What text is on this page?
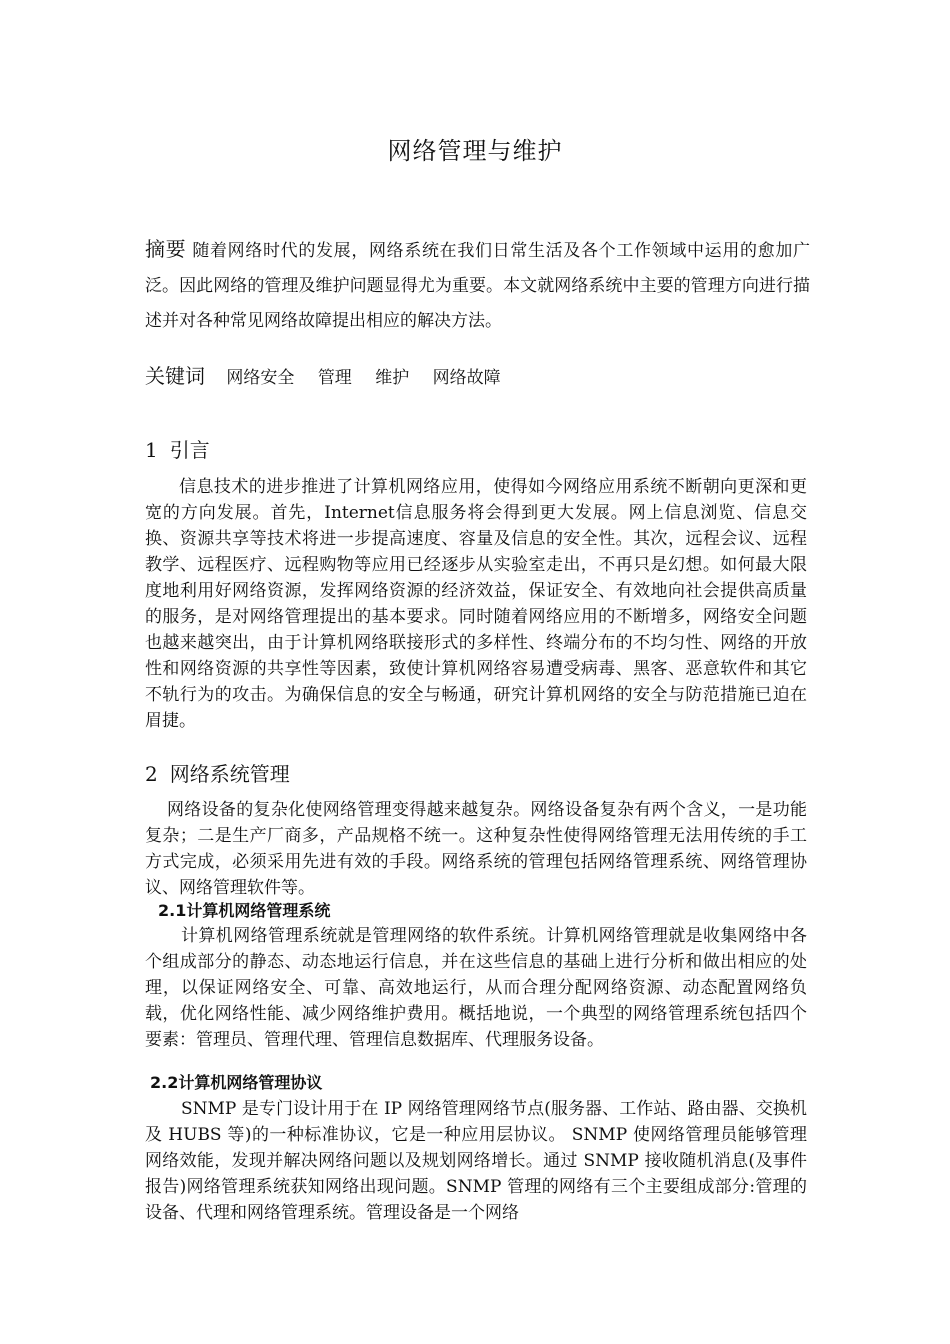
网络管理与维护
摘要 随着网络时代的发展，网络系统在我们日常生活及各个工作领域中运用的愈加广泛。因此网络的管理及维护问题显得尤为重要。本文就网络系统中主要的管理方向进行描述并对各种常见网络故障提出相应的解决方法。
关键词 网络安全 管理 维护 网络故障
1 引言
信息技术的进步推进了计算机网络应用，使得如今网络应用系统不断朝向更深和更宽的方向发展。首先，Internet信息服务将会得到更大发展。网上信息浏览、信息交换、资源共享等技术将进一步提高速度、容量及信息的安全性。其次，远程会议、远程教学、远程医疗、远程购物等应用已经逐步从实验室走出，不再只是幻想。如何最大限度地利用好网络资源，发挥网络资源的经济效益，保证安全、有效地向社会提供高质量的服务，是对网络管理提出的基本要求。同时随着网络应用的不断增多，网络安全问题也越来越突出，由于计算机网络联接形式的多样性、终端分布的不均匀性、网络的开放性和网络资源的共享性等因素，致使计算机网络容易遭受病毒、黑客、恶意软件和其它不轨行为的攻击。为确保信息的安全与畅通，研究计算机网络的安全与防范措施已迫在眉捷。
2 网络系统管理
网络设备的复杂化使网络管理变得越来越复杂。网络设备复杂有两个含义，一是功能复杂；二是生产厂商多，产品规格不统一。这种复杂性使得网络管理无法用传统的手工方式完成，必须采用先进有效的手段。网络系统的管理包括网络管理系统、网络管理协议、网络管理软件等。
2.1计算机网络管理系统
计算机网络管理系统就是管理网络的软件系统。计算机网络管理就是收集网络中各个组成部分的静态、动态地运行信息，并在这些信息的基础上进行分析和做出相应的处理，以保证网络安全、可靠、高效地运行，从而合理分配网络资源、动态配置网络负载，优化网络性能、减少网络维护费用。概括地说，一个典型的网络管理系统包括四个要素：管理员、管理代理、管理信息数据库、代理服务设备。
2.2计算机网络管理协议
SNMP 是专门设计用于在 IP 网络管理网络节点(服务器、工作站、路由器、交换机及 HUBS 等)的一种标准协议，它是一种应用层协议。 SNMP 使网络管理员能够管理网络效能，发现并解决网络问题以及规划网络增长。通过 SNMP 接收随机消息(及事件报告)网络管理系统获知网络出现问题。SNMP 管理的网络有三个主要组成部分:管理的设备、代理和网络管理系统。管理设备是一个网络
